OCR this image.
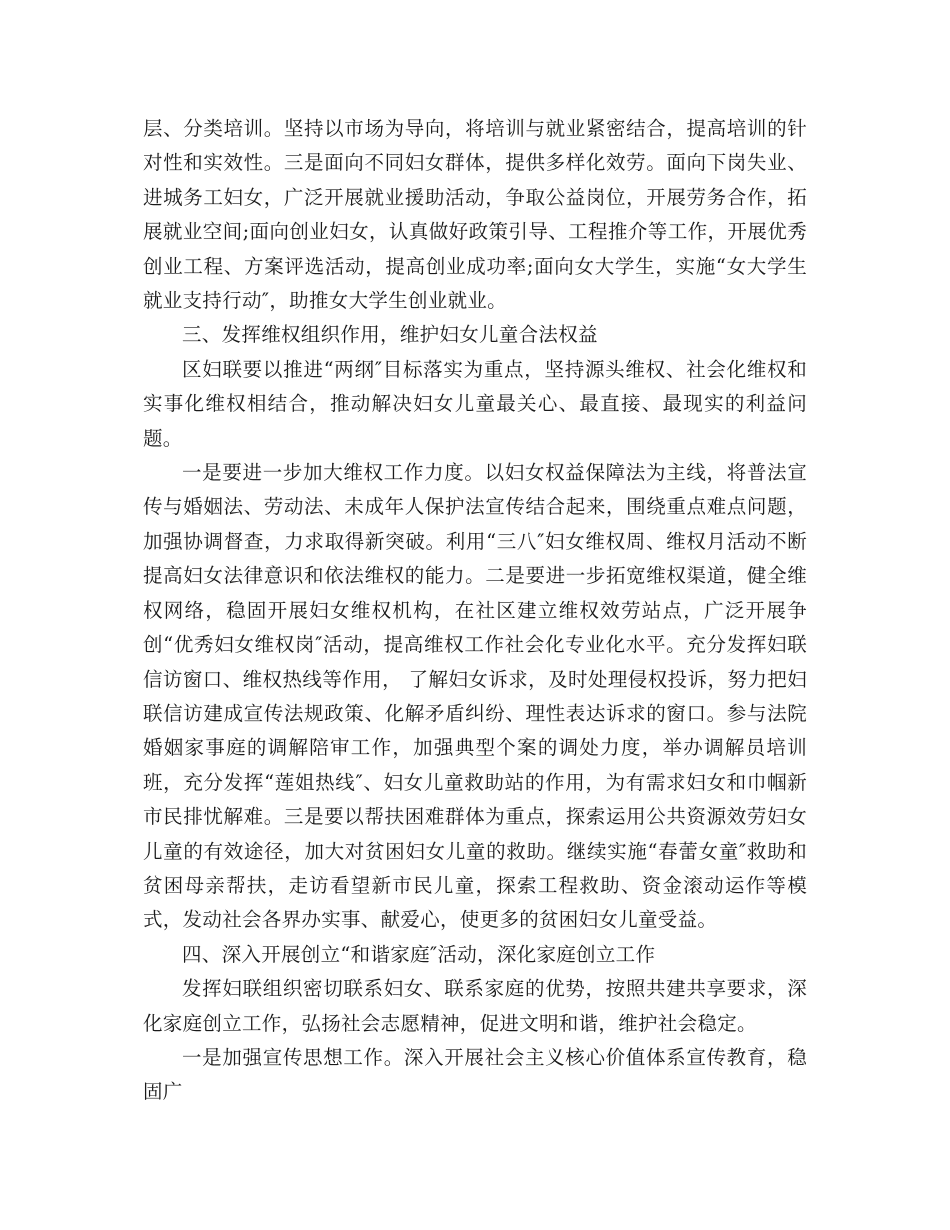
层、分类培训。坚持以市场为导向，将培训与就业紧密结合，提高培训的针对性和实效性。三是面向不同妇女群体，提供多样化效劳。面向下岗失业、进城务工妇女，广泛开展就业援助活动，争取公益岗位，开展劳务合作，拓展就业空间;面向创业妇女，认真做好政策引导、工程推介等工作，开展优秀创业工程、方案评选活动，提高创业成功率;面向女大学生，实施“女大学生就业支持行动″，助推女大学生创业就业。

三、发挥维权组织作用，维护妇女儿童合法权益

区妇联要以推进“两纲″目标落实为重点，坚持源头维权、社会化维权和实事化维权相结合，推动解决妇女儿童最关心、最直接、最现实的利益问题。

一是要进一步加大维权工作力度。以妇女权益保障法为主线，将普法宣传与婚姻法、劳动法、未成年人保护法宣传结合起来，围绕重点难点问题，加强协调督查，力求取得新突破。利用“三八″妇女维权周、维权月活动不断提高妇女法律意识和依法维权的能力。二是要进一步拓宽维权渠道，健全维权网络，稳固开展妇女维权机构，在社区建立维权效劳站点，广泛开展争创“优秀妇女维权岗″活动，提高维权工作社会化专业化水平。充分发挥妇联信访窗口、维权热线等作用， 了解妇女诉求，及时处理侵权投诉，努力把妇联信访建成宣传法规政策、化解矛盾纠纷、理性表达诉求的窗口。参与法院婚姻家事庭的调解陪审工作，加强典型个案的调处力度，举办调解员培训班，充分发挥“莲姐热线″、妇女儿童救助站的作用，为有需求妇女和巾帼新市民排忧解难。三是要以帮扶困难群体为重点，探索运用公共资源效劳妇女儿童的有效途径，加大对贫困妇女儿童的救助。继续实施“春蕾女童″救助和贫困母亲帮扶，走访看望新市民儿童，探索工程救助、资金滚动运作等模式，发动社会各界办实事、献爱心，使更多的贫困妇女儿童受益。

四、深入开展创立“和谐家庭″活动，深化家庭创立工作

发挥妇联组织密切联系妇女、联系家庭的优势，按照共建共享要求，深化家庭创立工作，弘扬社会志愿精神，促进文明和谐，维护社会稳定。

一是加强宣传思想工作。深入开展社会主义核心价值体系宣传教育，稳固广
